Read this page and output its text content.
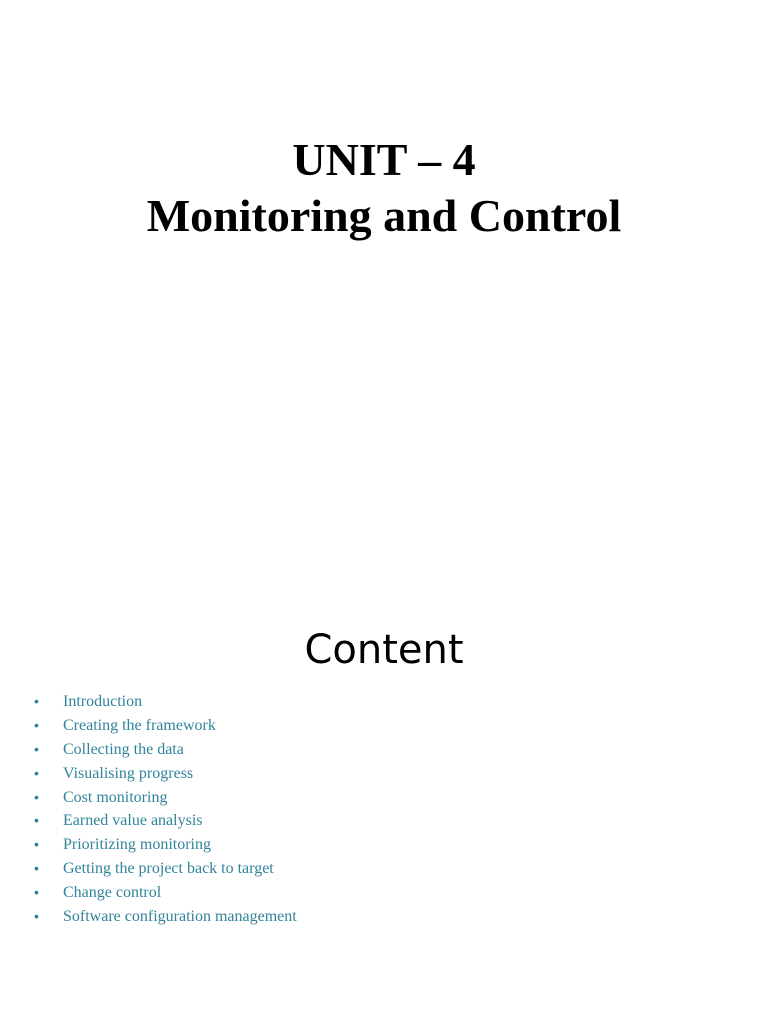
UNIT – 4
Monitoring and Control
Content
•	Introduction
•	Creating the framework
•	Collecting the data
•	Visualising progress
•	Cost monitoring
•	Earned value analysis
•	Prioritizing monitoring
•	Getting the project back to target
•	Change control
•	Software configuration management
